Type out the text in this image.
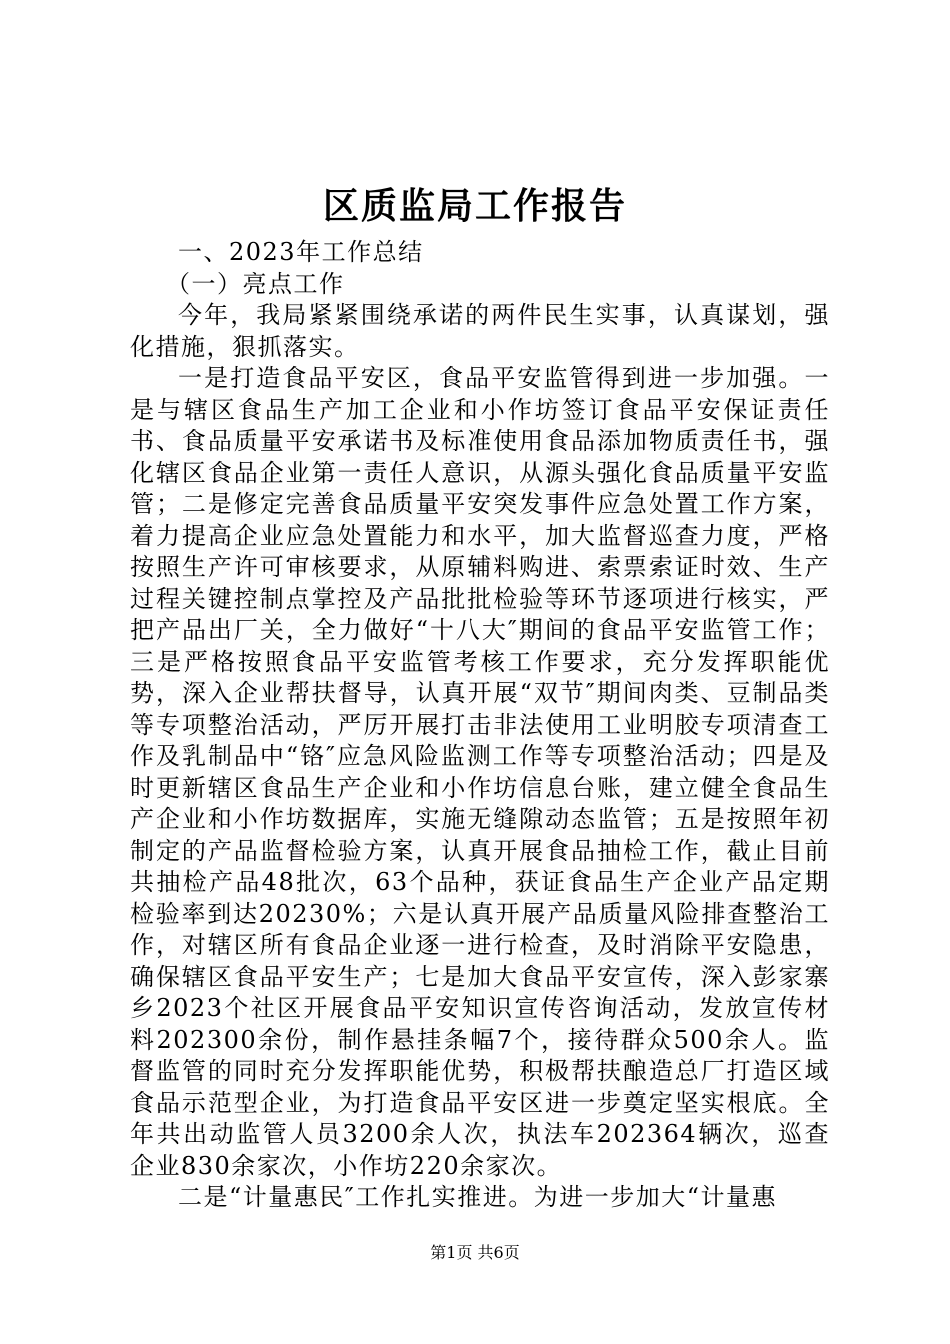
区质监局工作报告

一、2023年工作总结

（一）亮点工作

今年，我局紧紧围绕承诺的两件民生实事，认真谋划，强化措施，狠抓落实。

一是打造食品平安区，食品平安监管得到进一步加强。一是与辖区食品生产加工企业和小作坊签订食品平安保证责任书、食品质量平安承诺书及标准使用食品添加物质责任书，强化辖区食品企业第一责任人意识，从源头强化食品质量平安监管；二是修定完善食品质量平安突发事件应急处置工作方案，着力提高企业应急处置能力和水平，加大监督巡查力度，严格按照生产许可审核要求，从原辅料购进、索票索证时效、生产过程关键控制点掌控及产品批批检验等环节逐项进行核实，严把产品出厂关，全力做好“十八大″期间的食品平安监管工作；三是严格按照食品平安监管考核工作要求，充分发挥职能优势，深入企业帮扶督导，认真开展“双节″期间肉类、豆制品类等专项整治活动，严厉开展打击非法使用工业明胶专项清查工作及乳制品中“铬″应急风险监测工作等专项整治活动；四是及时更新辖区食品生产企业和小作坊信息台账，建立健全食品生产企业和小作坊数据库，实施无缝隙动态监管；五是按照年初制定的产品监督检验方案，认真开展食品抽检工作，截止目前共抽检产品48批次，63个品种，获证食品生产企业产品定期检验率到达20230%；六是认真开展产品质量风险排查整治工作，对辖区所有食品企业逐一进行检查，及时消除平安隐患，确保辖区食品平安生产；七是加大食品平安宣传，深入彭家寨乡2023个社区开展食品平安知识宣传咨询活动，发放宣传材料202300余份，制作悬挂条幅7个，接待群众500余人。监督监管的同时充分发挥职能优势，积极帮扶酿造总厂打造区域食品示范型企业，为打造食品平安区进一步奠定坚实根底。全年共出动监管人员3200余人次，执法车202364辆次，巡查企业830余家次，小作坊220余家次。

二是“计量惠民″工作扎实推进。为进一步加大“计量惠

第1页 共6页
